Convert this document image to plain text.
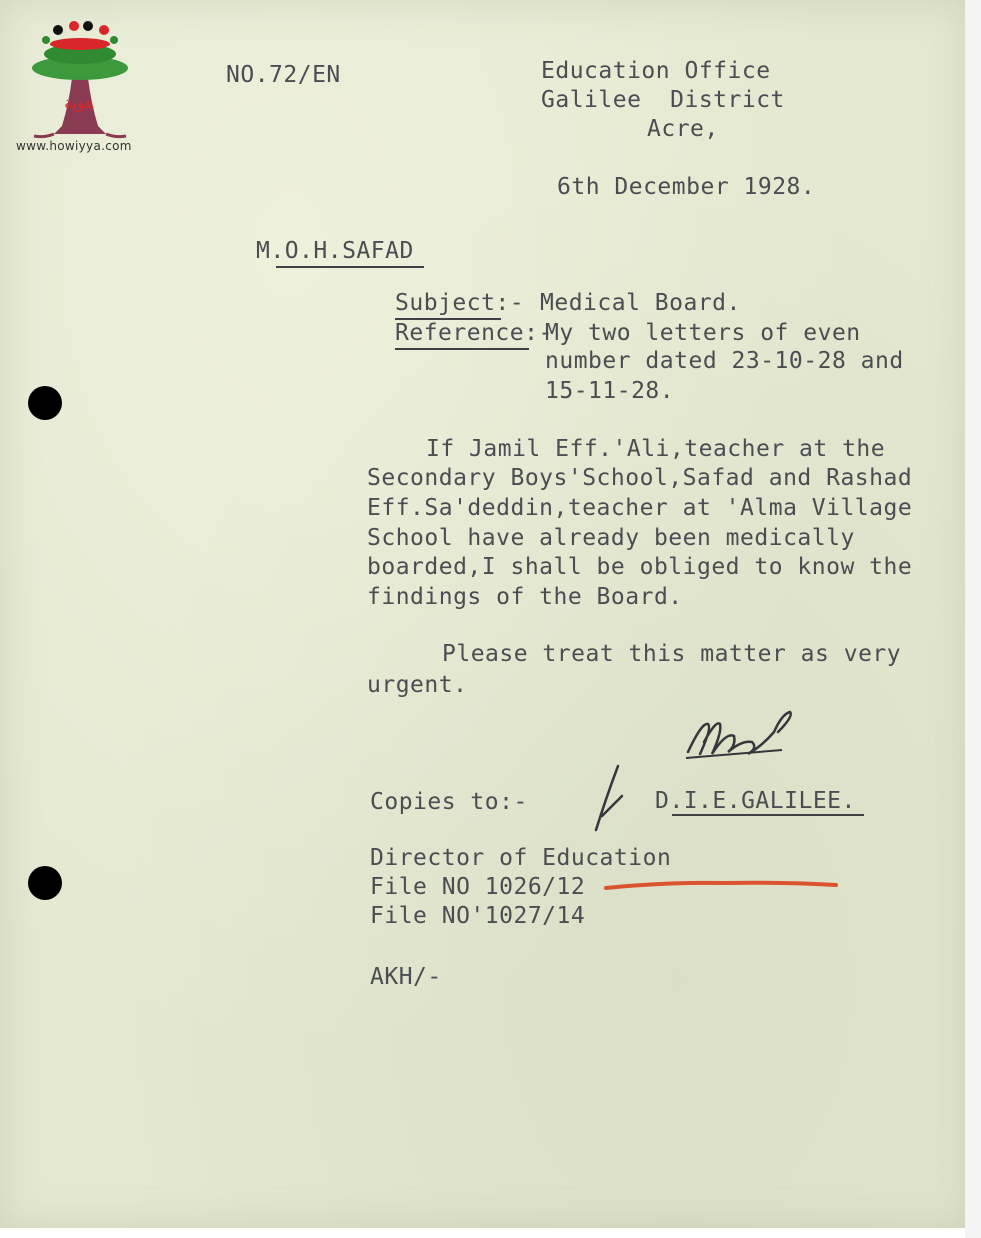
هوية
www.howiyya.com
NO.72/EN	Education Office
Galilee  District
Acre,
6th December 1928.
M.O.H.SAFAD
Subject:- Medical Board.
Reference:-
My two letters of even
number dated 23-10-28 and
15-11-28.
If Jamil Eff.'Ali,teacher at the
Secondary Boys'School,Safad and Rashad
Eff.Sa'deddin,teacher at 'Alma Village
School have already been medically
boarded,I shall be obliged to know the
findings of the Board.
Please treat this matter as very
urgent.
Copies to:-	D.I.E.GALILEE.
Director of Education
File NO 1026/12
File NO'1027/14
AKH/-
